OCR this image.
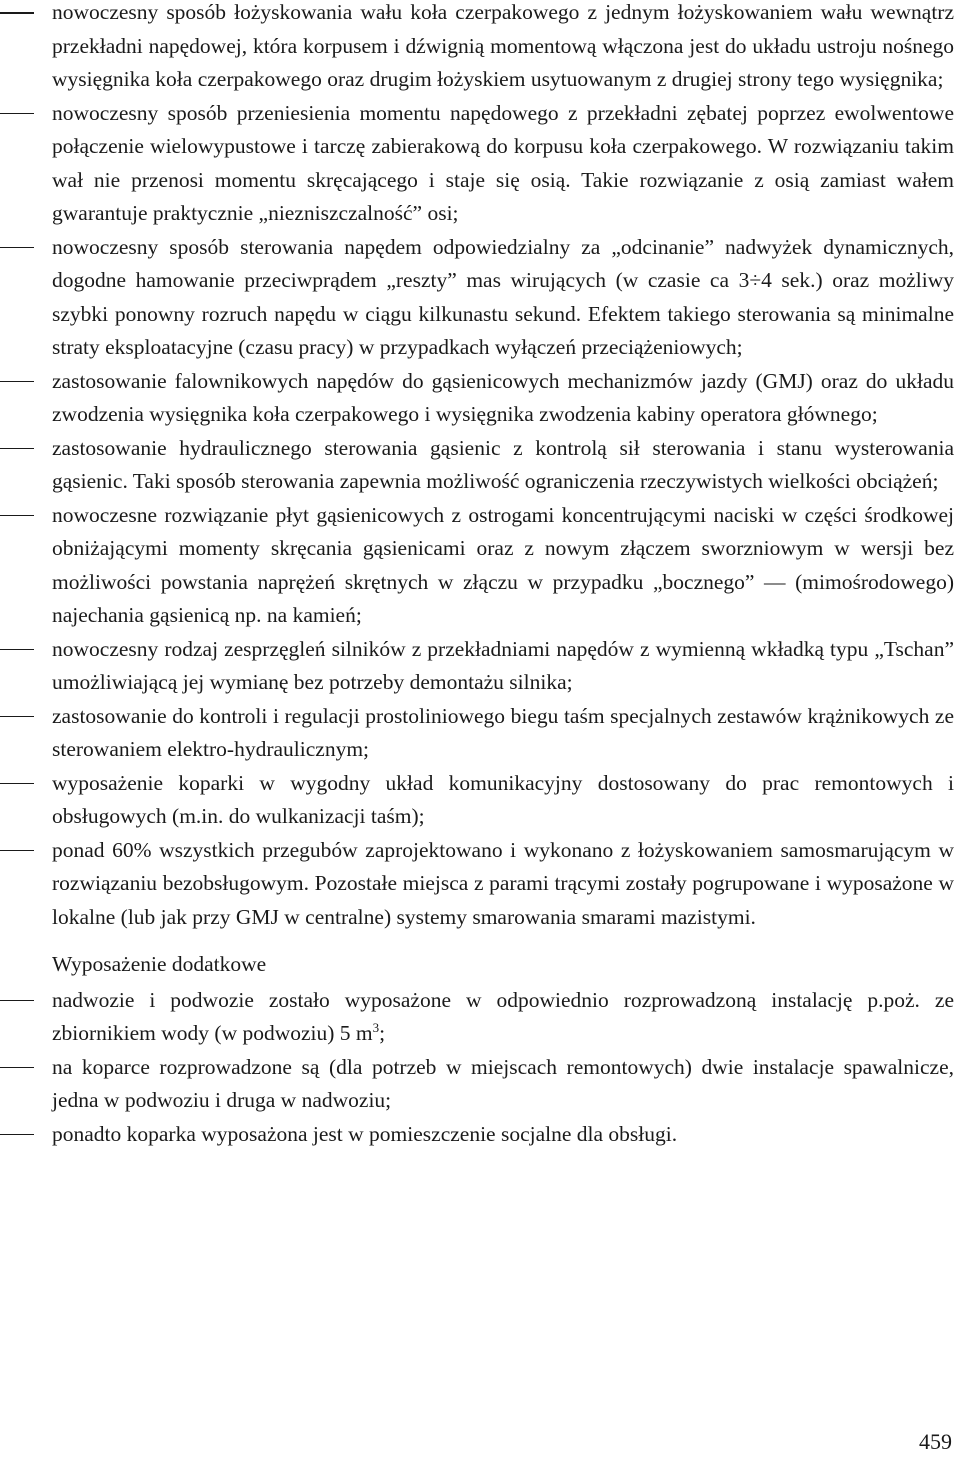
nowoczesny sposób łożyskowania wału koła czerpakowego z jednym łożyskowaniem wału wewnątrz przekładni napędowej, która korpusem i dźwignią momentową włączona jest do układu ustroju nośnego wysięgnika koła czerpakowego oraz drugim łożyskiem usytuowanym z drugiej strony tego wysięgnika;
nowoczesny sposób przeniesienia momentu napędowego z przekładni zębatej poprzez ewolwentowe połączenie wielowypustowe i tarczę zabierakową do korpusu koła czerpakowego. W rozwiązaniu takim wał nie przenosi momentu skręcającego i staje się osią. Takie rozwiązanie z osią zamiast wałem gwarantuje praktycznie „niezniszczalność” osi;
nowoczesny sposób sterowania napędem odpowiedzialny za „odcinanie” nadwyżek dynamicznych, dogodne hamowanie przeciwprądem „reszty” mas wirujących (w czasie ca 3÷4 sek.) oraz możliwy szybki ponowny rozruch napędu w ciągu kilkunastu sekund. Efektem takiego sterowania są minimalne straty eksploatacyjne (czasu pracy) w przypadkach wyłączeń przeciążeniowych;
zastosowanie falownikowych napędów do gąsienicowych mechanizmów jazdy (GMJ) oraz do układu zwodzenia wysięgnika koła czerpakowego i wysięgnika zwodzenia kabiny operatora głównego;
zastosowanie hydraulicznego sterowania gąsienic z kontrolą sił sterowania i stanu wysterowania gąsienic. Taki sposób sterowania zapewnia możliwość ograniczenia rzeczywistych wielkości obciążeń;
nowoczesne rozwiązanie płyt gąsienicowych z ostrogami koncentrującymi naciski w części środkowej obniżającymi momenty skręcania gąsienicami oraz z nowym złączem sworzniowym w wersji bez możliwości powstania naprężeń skrętnych w złączu w przypadku „bocznego” — (mimośrodowego) najechania gąsienicą np. na kamień;
nowoczesny rodzaj zesprzęgleń silników z przekładniami napędów z wymienną wkładką typu „Tschan” umożliwiającą jej wymianę bez potrzeby demontażu silnika;
zastosowanie do kontroli i regulacji prostoliniowego biegu taśm specjalnych zestawów krążnikowych ze sterowaniem elektro-hydraulicznym;
wyposażenie koparki w wygodny układ komunikacyjny dostosowany do prac remontowych i obsługowych (m.in. do wulkanizacji taśm);
ponad 60% wszystkich przegubów zaprojektowano i wykonano z łożyskowaniem samosmarującym w rozwiązaniu bezobsługowym. Pozostałe miejsca z parami trącymi zostały pogrupowane i wyposażone w lokalne (lub jak przy GMJ w centralne) systemy smarowania smarami mazistymi.
Wyposażenie dodatkowe
nadwozie i podwozie zostało wyposażone w odpowiednio rozprowadzoną instalację p.poż. ze zbiornikiem wody (w podwoziu) 5 $m^3$;
na koparce rozprowadzone są (dla potrzeb w miejscach remontowych) dwie instalacje spawalnicze, jedna w podwoziu i druga w nadwoziu;
ponadto koparka wyposażona jest w pomieszczenie socjalne dla obsługi.
459
